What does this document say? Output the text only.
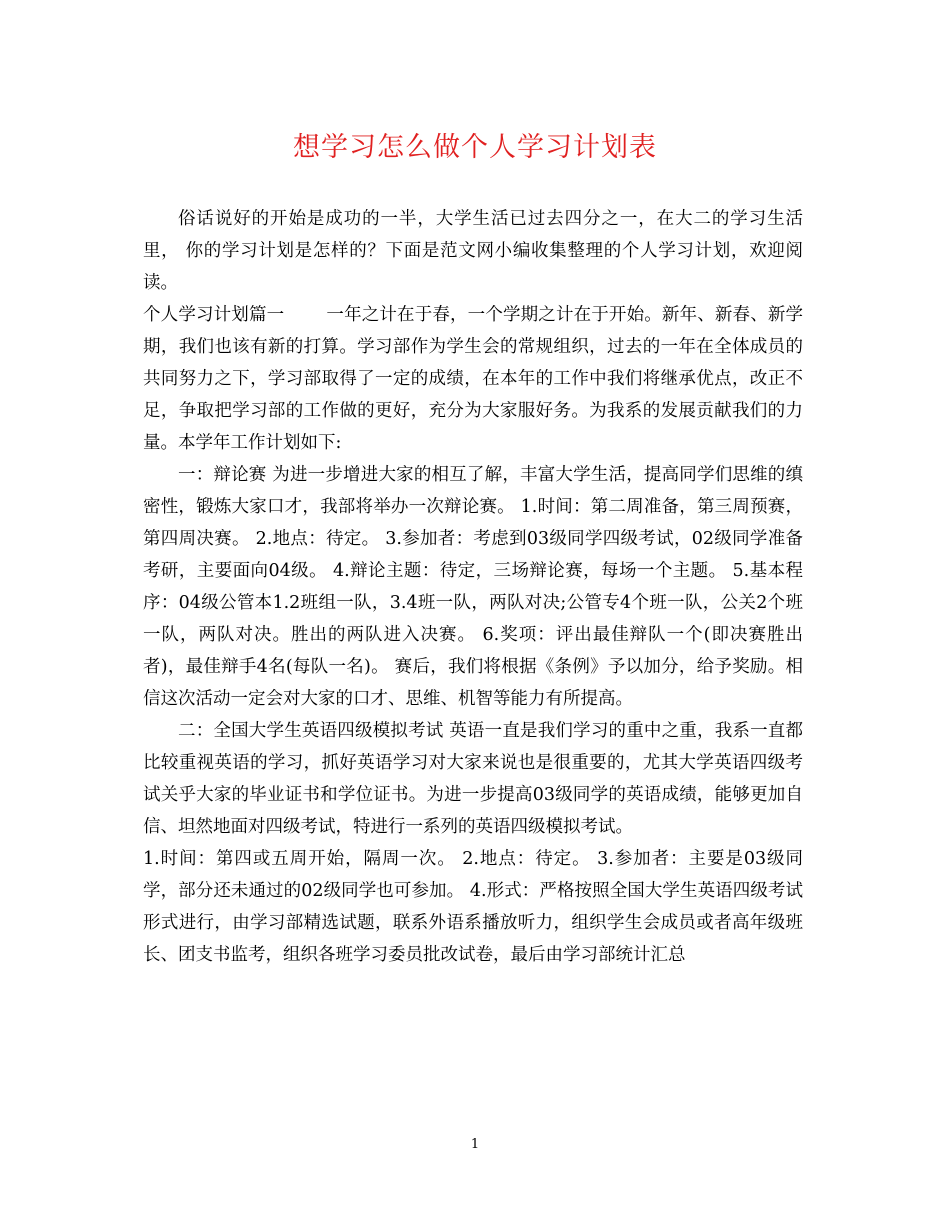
想学习怎么做个人学习计划表

俗话说好的开始是成功的一半，大学生活已过去四分之一，在大二的学习生活里， 你的学习计划是怎样的？下面是范文网小编收集整理的个人学习计划，欢迎阅读。

个人学习计划篇一 一年之计在于春，一个学期之计在于开始。新年、新春、新学期，我们也该有新的打算。学习部作为学生会的常规组织，过去的一年在全体成员的共同努力之下，学习部取得了一定的成绩，在本年的工作中我们将继承优点，改正不足，争取把学习部的工作做的更好，充分为大家服好务。为我系的发展贡献我们的力量。本学年工作计划如下:

一：辩论赛 为进一步增进大家的相互了解，丰富大学生活，提高同学们思维的缜密性，锻炼大家口才，我部将举办一次辩论赛。 1.时间：第二周准备，第三周预赛，第四周决赛。 2.地点：待定。 3.参加者：考虑到03级同学四级考试，02级同学准备考研，主要面向04级。 4.辩论主题：待定，三场辩论赛，每场一个主题。 5.基本程序：04级公管本1.2班组一队，3.4班一队，两队对决;公管专4个班一队，公关2个班一队，两队对决。胜出的两队进入决赛。 6.奖项：评出最佳辩队一个(即决赛胜出者)，最佳辩手4名(每队一名)。 赛后，我们将根据《条例》予以加分，给予奖励。相信这次活动一定会对大家的口才、思维、机智等能力有所提高。

二：全国大学生英语四级模拟考试 英语一直是我们学习的重中之重，我系一直都比较重视英语的学习，抓好英语学习对大家来说也是很重要的，尤其大学英语四级考试关乎大家的毕业证书和学位证书。为进一步提高03级同学的英语成绩，能够更加自信、坦然地面对四级考试，特进行一系列的英语四级模拟考试。

1.时间：第四或五周开始，隔周一次。 2.地点：待定。 3.参加者：主要是03级同学，部分还未通过的02级同学也可参加。 4.形式：严格按照全国大学生英语四级考试形式进行，由学习部精选试题，联系外语系播放听力，组织学生会成员或者高年级班长、团支书监考，组织各班学习委员批改试卷，最后由学习部统计汇总

1
